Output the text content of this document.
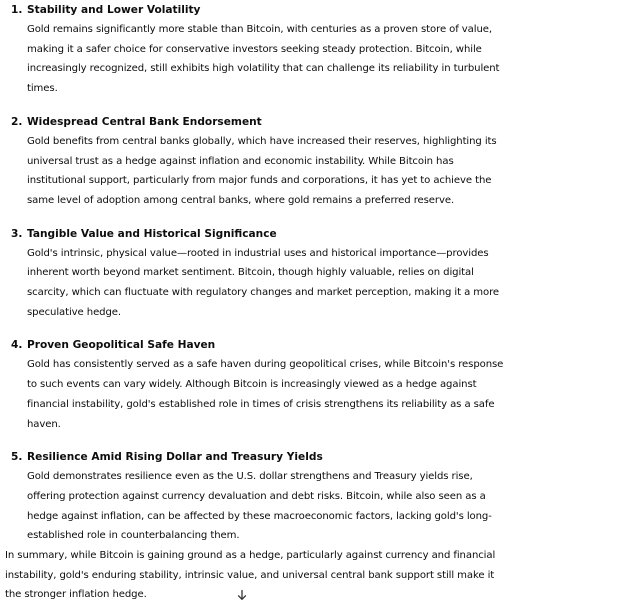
1. Stability and Lower Volatility
Gold remains significantly more stable than Bitcoin, with centuries as a proven store of value, making it a safer choice for conservative investors seeking steady protection. Bitcoin, while increasingly recognized, still exhibits high volatility that can challenge its reliability in turbulent times.
2. Widespread Central Bank Endorsement
Gold benefits from central banks globally, which have increased their reserves, highlighting its universal trust as a hedge against inflation and economic instability. While Bitcoin has institutional support, particularly from major funds and corporations, it has yet to achieve the same level of adoption among central banks, where gold remains a preferred reserve.
3. Tangible Value and Historical Significance
Gold's intrinsic, physical value—rooted in industrial uses and historical importance—provides inherent worth beyond market sentiment. Bitcoin, though highly valuable, relies on digital scarcity, which can fluctuate with regulatory changes and market perception, making it a more speculative hedge.
4. Proven Geopolitical Safe Haven
Gold has consistently served as a safe haven during geopolitical crises, while Bitcoin's response to such events can vary widely. Although Bitcoin is increasingly viewed as a hedge against financial instability, gold's established role in times of crisis strengthens its reliability as a safe haven.
5. Resilience Amid Rising Dollar and Treasury Yields
Gold demonstrates resilience even as the U.S. dollar strengthens and Treasury yields rise, offering protection against currency devaluation and debt risks. Bitcoin, while also seen as a hedge against inflation, can be affected by these macroeconomic factors, lacking gold's long-established role in counterbalancing them.

In summary, while Bitcoin is gaining ground as a hedge, particularly against currency and financial instability, gold's enduring stability, intrinsic value, and universal central bank support still make it the stronger inflation hedge.
